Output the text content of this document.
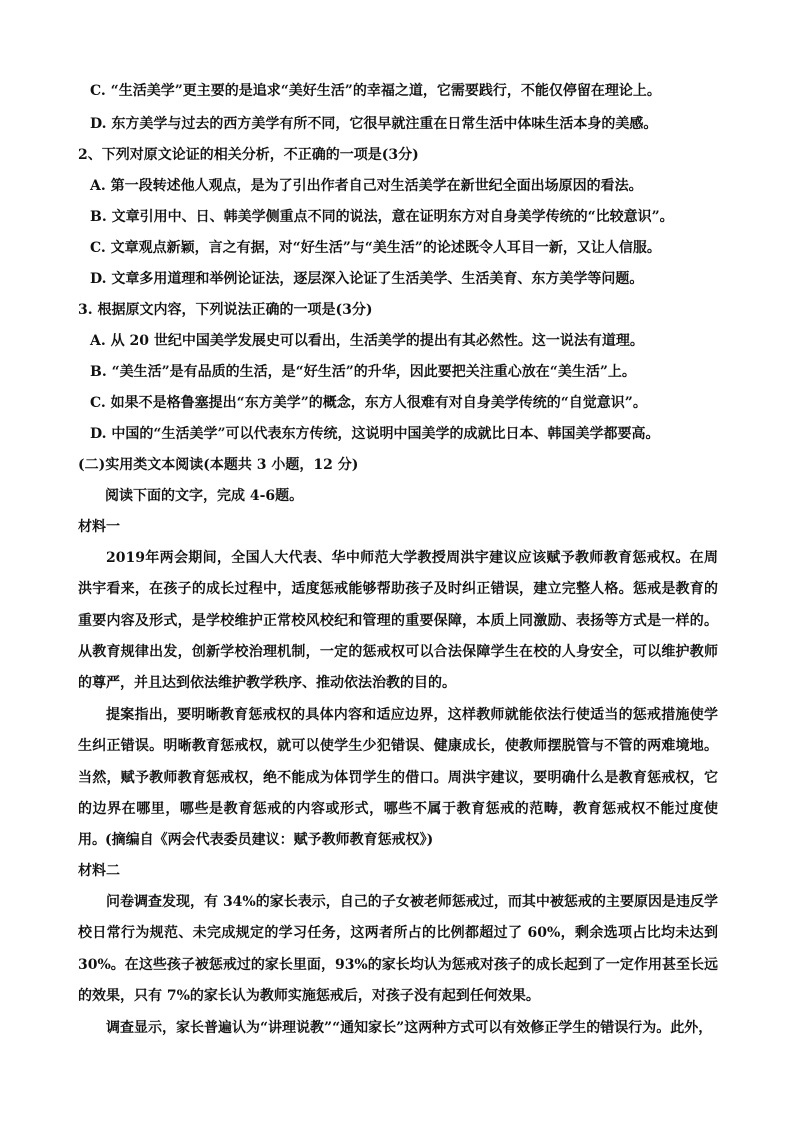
C. “生活美学”更主要的是追求“美好生活”的幸福之道，它需要践行，不能仅停留在理论上。
D. 东方美学与过去的西方美学有所不同，它很早就注重在日常生活中体味生活本身的美感。
2、下列对原文论证的相关分析，不正确的一项是(3分)
A. 第一段转述他人观点，是为了引出作者自己对生活美学在新世纪全面出场原因的看法。
B. 文章引用中、日、韩美学侧重点不同的说法，意在证明东方对自身美学传统的“比较意识”。
C. 文章观点新颖，言之有据，对“好生活”与“美生活”的论述既令人耳目一新，又让人信服。
D. 文章多用道理和举例论证法，逐层深入论证了生活美学、生活美育、东方美学等问题。
3. 根据原文内容，下列说法正确的一项是(3分)
A. 从 20 世纪中国美学发展史可以看出，生活美学的提出有其必然性。这一说法有道理。
B. “美生活”是有品质的生活，是“好生活”的升华，因此要把关注重心放在“美生活”上。
C. 如果不是格鲁塞提出“东方美学”的概念，东方人很难有对自身美学传统的“自觉意识”。
D. 中国的“生活美学”可以代表东方传统，这说明中国美学的成就比日本、韩国美学都要高。
(二)实用类文本阅读(本题共 3 小题，12 分)
阅读下面的文字，完成 4-6题。
材料一
2019年两会期间，全国人大代表、华中师范大学教授周洪宇建议应该赋予教师教育惩戒权。在周洪宇看来，在孩子的成长过程中，适度惩戒能够帮助孩子及时纠正错误，建立完整人格。惩戒是教育的重要内容及形式，是学校维护正常校风校纪和管理的重要保障，本质上同激励、表扬等方式是一样的。从教育规律出发，创新学校治理机制，一定的惩戒权可以合法保障学生在校的人身安全，可以维护教师的尊严，并且达到依法维护教学秩序、推动依法治教的目的。
提案指出，要明晰教育惩戒权的具体内容和适应边界，这样教师就能依法行使适当的惩戒措施使学生纠正错误。明晰教育惩戒权，就可以使学生少犯错误、健康成长，使教师摆脱管与不管的两难境地。当然，赋予教师教育惩戒权，绝不能成为体罚学生的借口。周洪宇建议，要明确什么是教育惩戒权，它的边界在哪里，哪些是教育惩戒的内容或形式，哪些不属于教育惩戒的范畴，教育惩戒权不能过度使用。 (摘编自《两会代表委员建议：赋予教师教育惩戒权》)
材料二
问卷调查发现，有 34%的家长表示，自己的子女被老师惩戒过，而其中被惩戒的主要原因是违反学校日常行为规范、未完成规定的学习任务，这两者所占的比例都超过了 60%，剩余选项占比均未达到 30%。在这些孩子被惩戒过的家长里面，93%的家长均认为惩戒对孩子的成长起到了一定作用甚至长远的效果，只有 7%的家长认为教师实施惩戒后，对孩子没有起到任何效果。
调查显示，家长普遍认为“讲理说教”“通知家长”这两种方式可以有效修正学生的错误行为。此外，
